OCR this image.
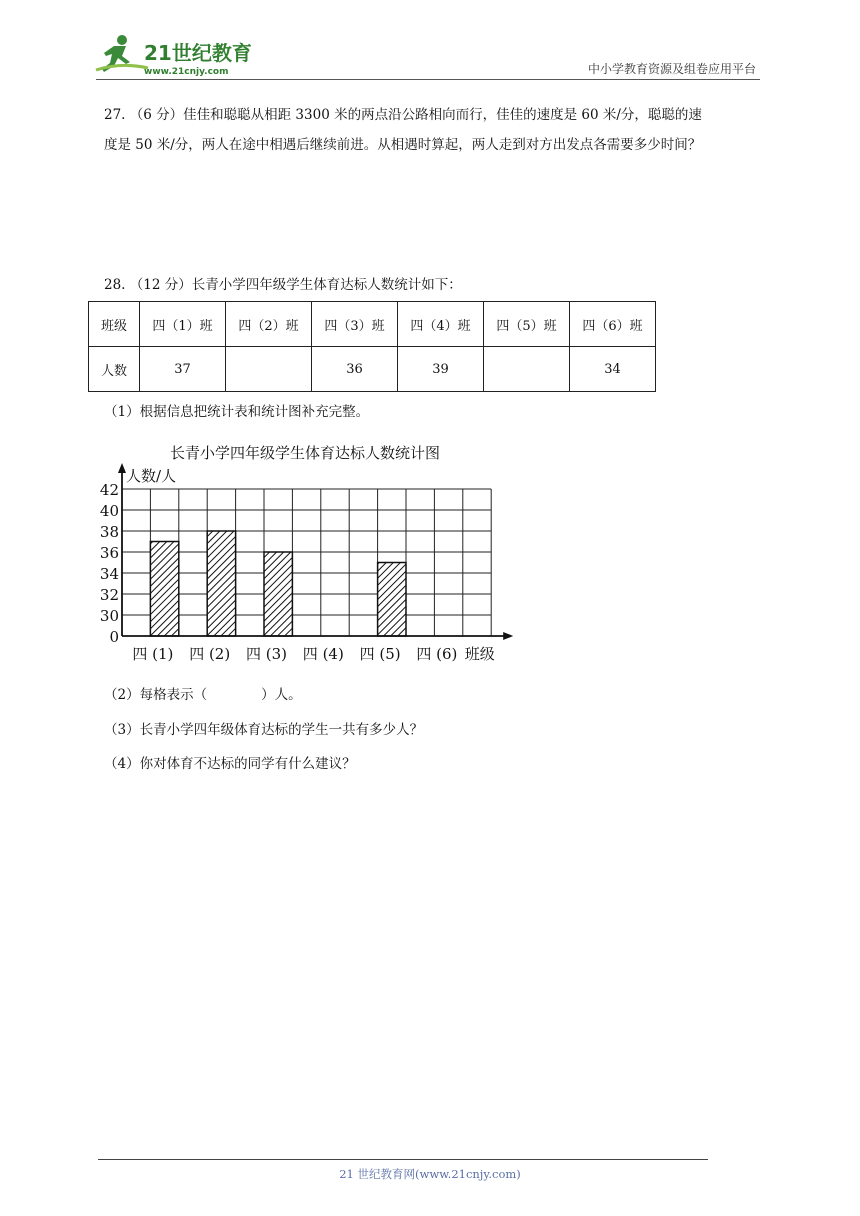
21世纪教育
www.21cnjy.com	中小学教育资源及组卷应用平台
27. （6 分）佳佳和聪聪从相距 3300 米的两点沿公路相向而行，佳佳的速度是 60 米/分，聪聪的速
度是 50 米/分，两人在途中相遇后继续前进。从相遇时算起，两人走到对方出发点各需要多少时间？
28. （12 分）长青小学四年级学生体育达标人数统计如下：
班级	四（1）班	四（2）班	四（3）班	四（4）班	四（5）班	四（6）班
人数	37		36	39		34
（1）根据信息把统计表和统计图补充完整。
长青小学四年级学生体育达标人数统计图
0
30
32
34
36
38
40
42
人数/人
四 (1) 四 (2) 四 (3) 四 (4) 四 (5) 四 (6) 班级
（2）每格表示（　　　　）人。
（3）长青小学四年级体育达标的学生一共有多少人？
（4）你对体育不达标的同学有什么建议？
21 世纪教育网(www.21cnjy.com)
